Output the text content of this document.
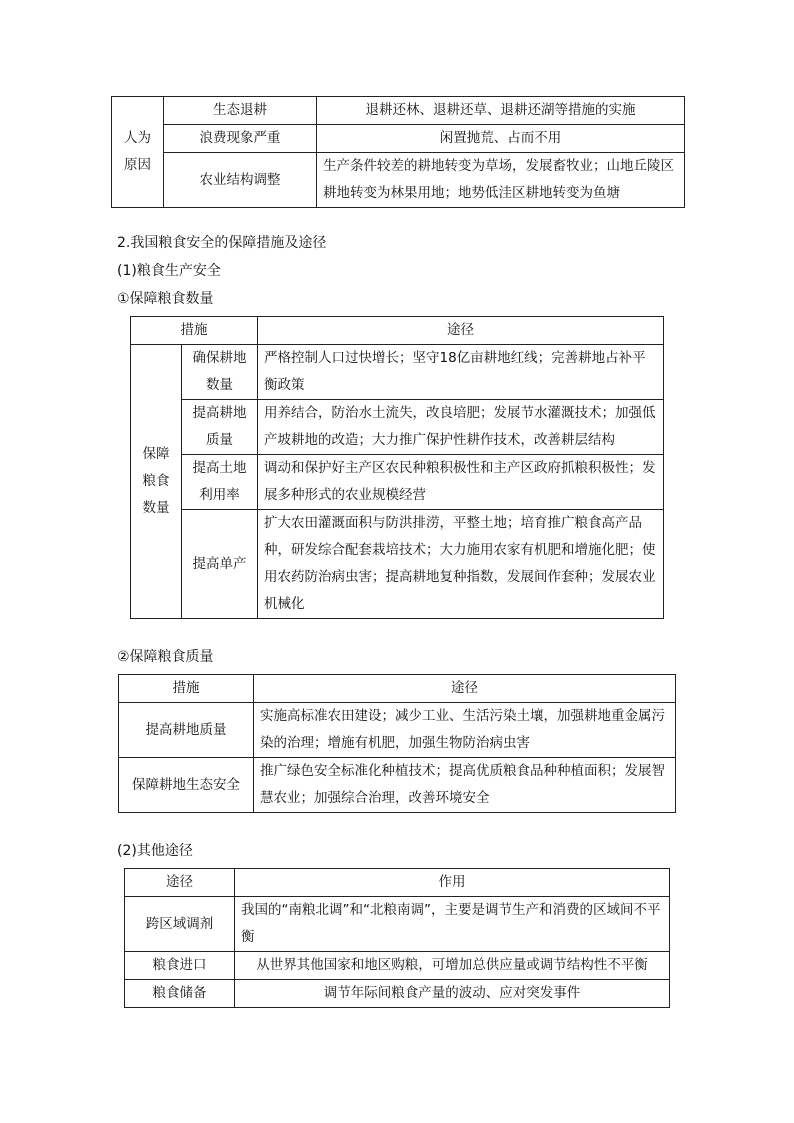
人为原因	生态退耕	退耕还林、退耕还草、退耕还湖等措施的实施
	浪费现象严重	闲置抛荒、占而不用
	农业结构调整	生产条件较差的耕地转变为草场，发展畜牧业；山地丘陵区耕地转变为林果用地；地势低洼区耕地转变为鱼塘
2.我国粮食安全的保障措施及途径
(1)粮食生产安全
①保障粮食数量
措施		途径
保障粮食数量	确保耕地数量	严格控制人口过快增长；坚守18亿亩耕地红线；完善耕地占补平衡政策
	提高耕地质量	用养结合，防治水土流失，改良培肥；发展节水灌溉技术；加强低产坡耕地的改造；大力推广保护性耕作技术，改善耕层结构
	提高土地利用率	调动和保护好主产区农民种粮积极性和主产区政府抓粮积极性；发展多种形式的农业规模经营
	提高单产	扩大农田灌溉面积与防洪排涝，平整土地；培育推广粮食高产品种，研发综合配套栽培技术；大力施用农家有机肥和增施化肥；使用农药防治病虫害；提高耕地复种指数，发展间作套种；发展农业机械化
②保障粮食质量
措施	途径
提高耕地质量	实施高标准农田建设；减少工业、生活污染土壤，加强耕地重金属污染的治理；增施有机肥，加强生物防治病虫害
保障耕地生态安全	推广绿色安全标准化种植技术；提高优质粮食品种种植面积；发展智慧农业；加强综合治理，改善环境安全
(2)其他途径
途径	作用
跨区域调剂	我国的“南粮北调”和“北粮南调”，主要是调节生产和消费的区域间不平衡
粮食进口	从世界其他国家和地区购粮，可增加总供应量或调节结构性不平衡
粮食储备	调节年际间粮食产量的波动、应对突发事件
